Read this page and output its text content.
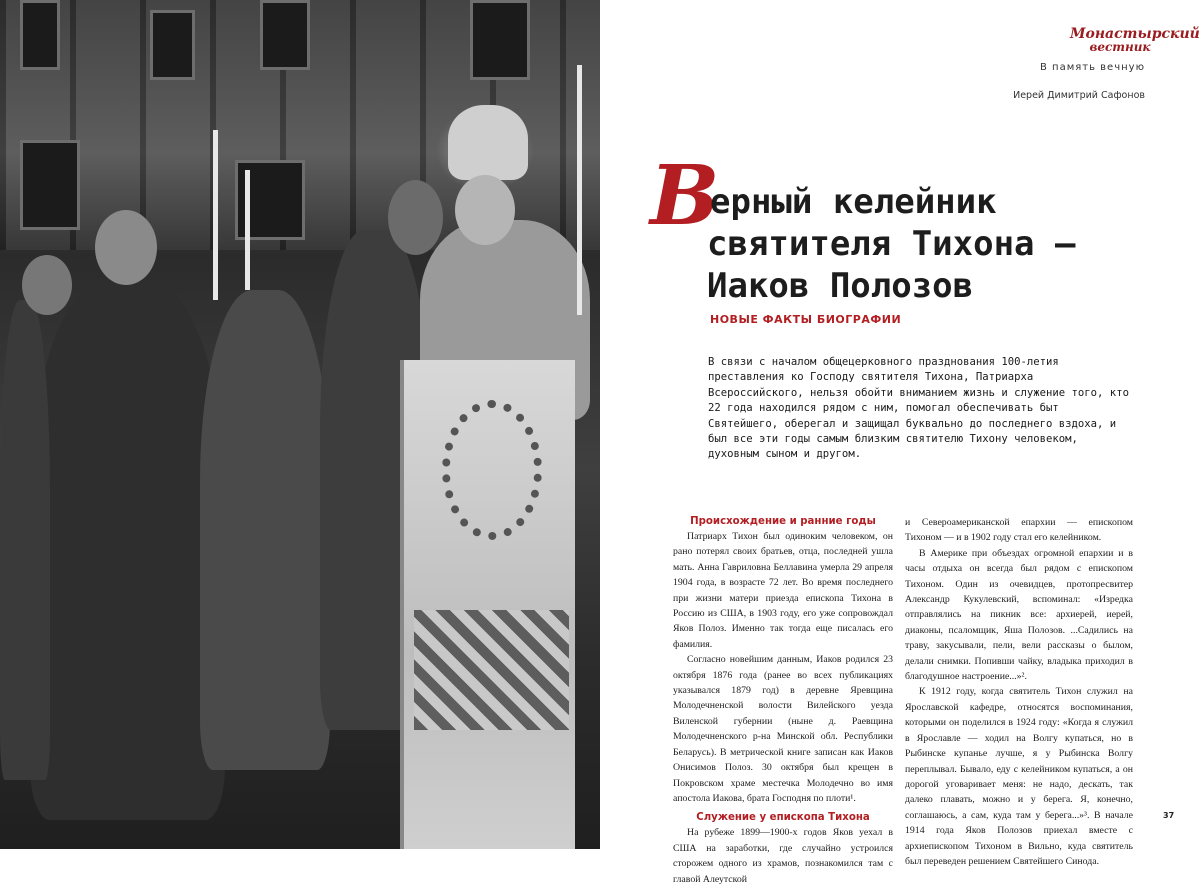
Монастырский
вестник
В память вечную
Иерей Димитрий Сафонов
В
ерный келейник
святителя Тихона –
Иаков Полозов
НОВЫЕ ФАКТЫ БИОГРАФИИ
В связи с началом общецерковного празднования 100-летия преставления ко Господу святителя Тихона, Патриарха Всероссийского, нельзя обойти вниманием жизнь и служение того, кто 22 года находился рядом с ним, помогал обеспечивать быт Святейшего, оберегал и защищал буквально до последнего вздоха, и был все эти годы самым близким святителю Тихону человеком, духовным сыном и другом.
Происхождение и ранние годы

Патриарх Тихон был одиноким человеком, он рано потерял своих братьев, отца, последней ушла мать. Анна Гавриловна Беллавина умерла 29 апреля 1904 года, в возрасте 72 лет. Во время последнего при жизни матери приезда епископа Тихона в Россию из США, в 1903 году, его уже сопровождал Яков Полоз. Именно так тогда еще писалась его фамилия.

Согласно новейшим данным, Иаков родился 23 октября 1876 года (ранее во всех публикациях указывался 1879 год) в деревне Яревщина Молодечненской волости Вилейского уезда Виленской губернии (ныне д. Раевщина Молодечненского р-на Минской обл. Республики Беларусь). В метрической книге записан как Иаков Онисимов Полоз. 30 октября был крещен в Покровском храме местечка Молодечно во имя апостола Иакова, брата Господня по плоти¹.

Служение у епископа Тихона

На рубеже 1899—1900-х годов Яков уехал в США на заработки, где случайно устроился сторожем одного из храмов, познакомился там с главой Алеутской

и Североамериканской епархии — епископом Тихоном — и в 1902 году стал его келейником.

В Америке при объездах огромной епархии и в часы отдыха он всегда был рядом с епископом Тихоном. Один из очевидцев, протопресвитер Александр Кукулевский, вспоминал: «Изредка отправлялись на пикник все: архиерей, иерей, диаконы, псаломщик, Яша Полозов. ...Садились на траву, закусывали, пели, вели рассказы о былом, делали снимки. Попивши чайку, владыка приходил в благодушное настроение...»².

К 1912 году, когда святитель Тихон служил на Ярославской кафедре, относятся воспоминания, которыми он поделился в 1924 году: «Когда я служил в Ярославле — ходил на Волгу купаться, но в Рыбинске купанье лучше, я у Рыбинска Волгу переплывал. Бывало, еду с келейником купаться, а он дорогой уговаривает меня: не надо, дескать, так далеко плавать, можно и у берега. Я, конечно, соглашаюсь, а сам, куда там у берега...»³. В начале 1914 года Яков Полозов приехал вместе с архиепископом Тихоном в Вильно, куда святитель был переведен решением Святейшего Синода.

37
